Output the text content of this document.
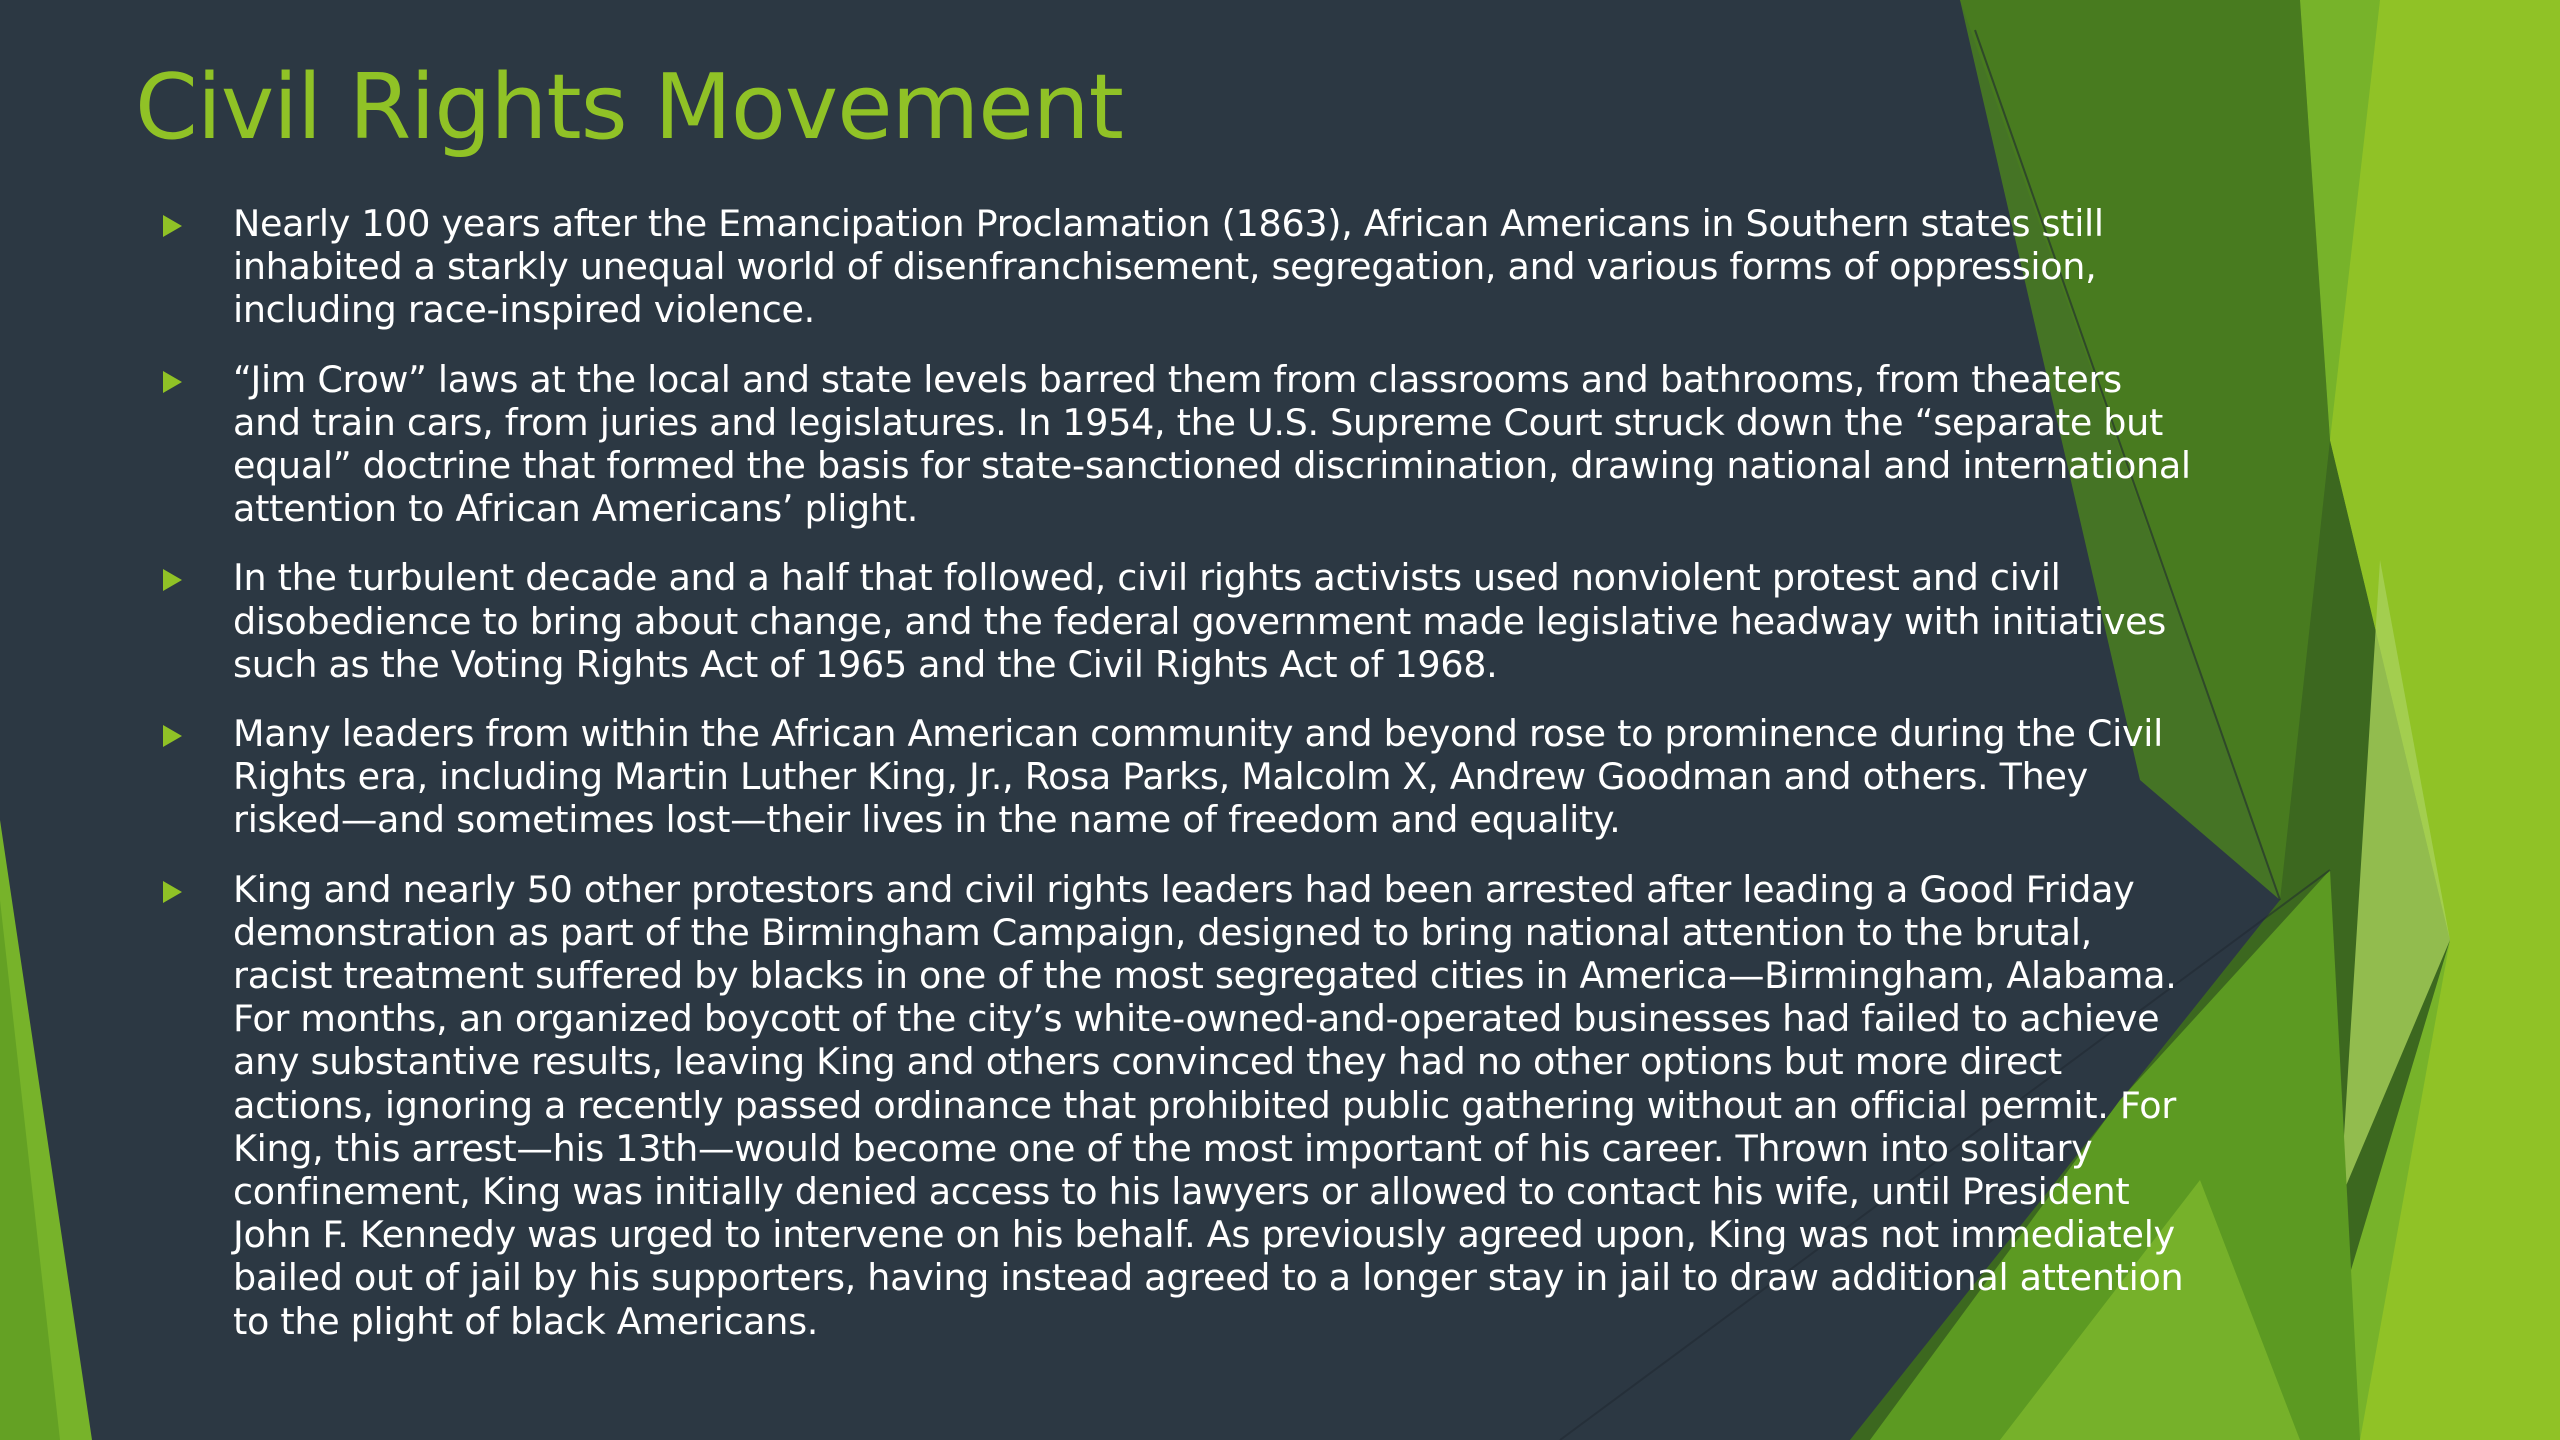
Civil Rights Movement
Nearly 100 years after the Emancipation Proclamation (1863), African Americans in Southern states still inhabited a starkly unequal world of disenfranchisement, segregation, and various forms of oppression, including race-inspired violence.
“Jim Crow” laws at the local and state levels barred them from classrooms and bathrooms, from theaters and train cars, from juries and legislatures. In 1954, the U.S. Supreme Court struck down the “separate but equal” doctrine that formed the basis for state-sanctioned discrimination, drawing national and international attention to African Americans’ plight.
In the turbulent decade and a half that followed, civil rights activists used nonviolent protest and civil disobedience to bring about change, and the federal government made legislative headway with initiatives such as the Voting Rights Act of 1965 and the Civil Rights Act of 1968.
Many leaders from within the African American community and beyond rose to prominence during the Civil Rights era, including Martin Luther King, Jr., Rosa Parks, Malcolm X, Andrew Goodman and others. They risked—and sometimes lost—their lives in the name of freedom and equality.
King and nearly 50 other protestors and civil rights leaders had been arrested after leading a Good Friday demonstration as part of the Birmingham Campaign, designed to bring national attention to the brutal, racist treatment suffered by blacks in one of the most segregated cities in America—Birmingham, Alabama. For months, an organized boycott of the city’s white-owned-and-operated businesses had failed to achieve any substantive results, leaving King and others convinced they had no other options but more direct actions, ignoring a recently passed ordinance that prohibited public gathering without an official permit. For King, this arrest—his 13th—would become one of the most important of his career. Thrown into solitary confinement, King was initially denied access to his lawyers or allowed to contact his wife, until President John F. Kennedy was urged to intervene on his behalf. As previously agreed upon, King was not immediately bailed out of jail by his supporters, having instead agreed to a longer stay in jail to draw additional attention to the plight of black Americans.
